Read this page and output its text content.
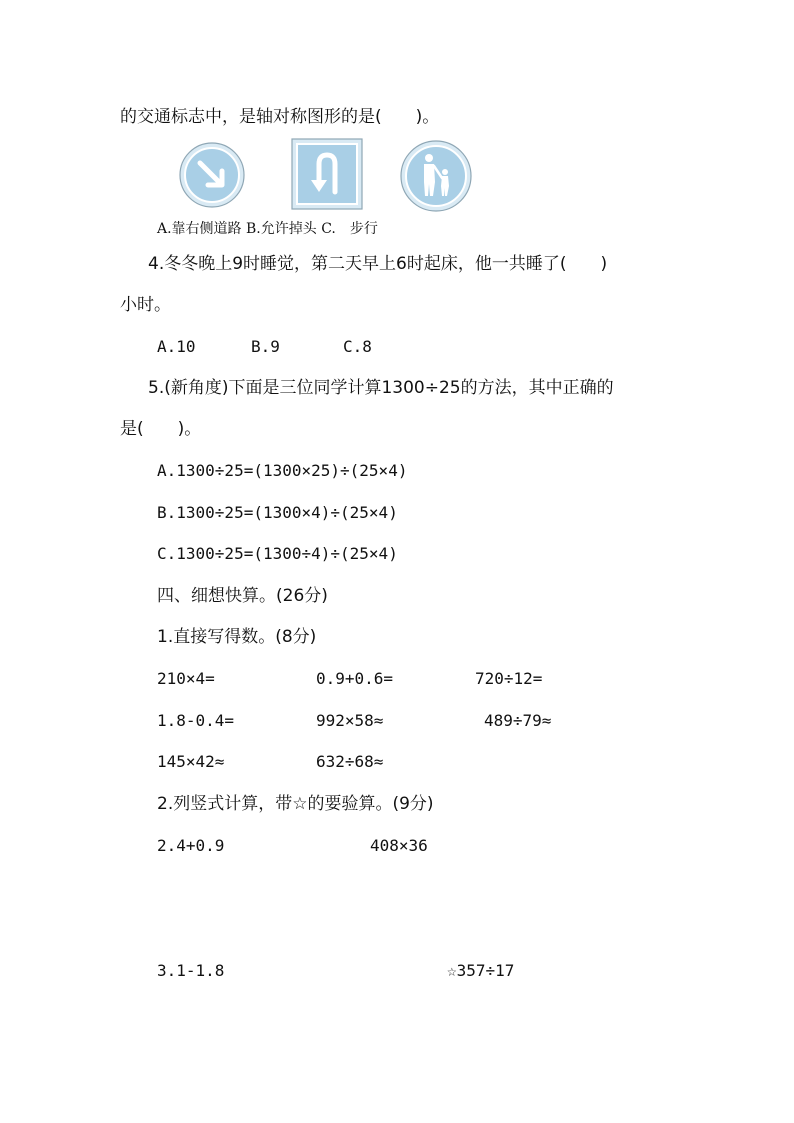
的交通标志中，是轴对称图形的是(　　)。
A.靠右侧道路 B.允许掉头 C.　步行
4.冬冬晚上9时睡觉，第二天早上6时起床，他一共睡了(　　)
小时。
A.10	B.9	C.8
5.(新角度)下面是三位同学计算1300÷25的方法，其中正确的
是(　　)。
A.1300÷25=(1300×25)÷(25×4)
B.1300÷25=(1300×4)÷(25×4)
C.1300÷25=(1300÷4)÷(25×4)
四、细想快算。(26分)
1.直接写得数。(8分)
210×4=	0.9+0.6=	720÷12=
1.8-0.4=	992×58≈	489÷79≈
145×42≈	632÷68≈
2.列竖式计算，带☆的要验算。(9分)
2.4+0.9	408×36
3.1-1.8	☆357÷17
